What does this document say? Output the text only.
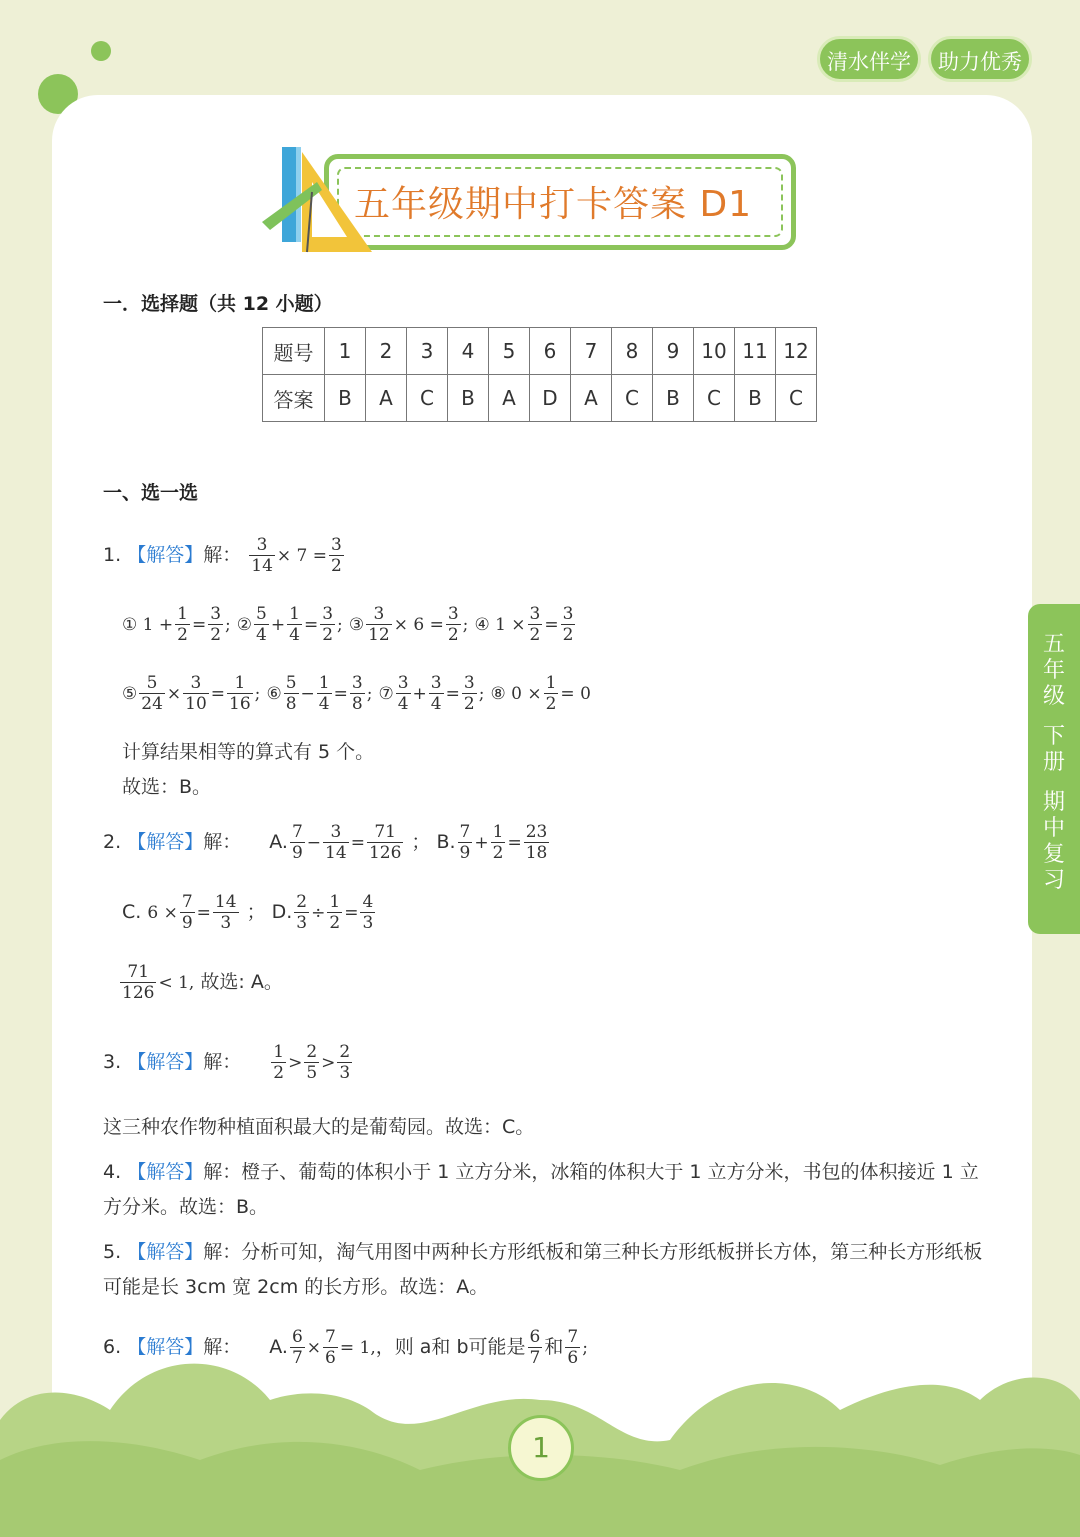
清水伴学	助力优秀
五
年
级
下
册
期
中
复
习
五年级期中打卡答案 D1
一．选择题（共 12 小题）
题号	1	2	3	4	5	6	7	8	9	10	11	12
答案	B	A	C	B	A	D	A	C	B	C	B	C
一、选一选
1. 【解答】解： $\frac{3}{14} \times 7 = \frac{3}{2}$
① $1 + \frac{1}{2} = \frac{3}{2}$ ; ② $\frac{5}{4} + \frac{1}{4} = \frac{3}{2}$ ; ③ $\frac{3}{12} \times 6 = \frac{3}{2}$ ; ④ $1 \times \frac{3}{2} = \frac{3}{2}$
⑤ $\frac{5}{24} \times \frac{3}{10} = \frac{1}{16}$ ; ⑥ $\frac{5}{8} - \frac{1}{4} = \frac{3}{8}$ ; ⑦ $\frac{3}{4} + \frac{3}{4} = \frac{3}{2}$ ; ⑧ $0 \times \frac{1}{2} = 0$
计算结果相等的算式有 5 个。
故选：B。
2. 【解答】解： A. $\frac{7}{9} - \frac{3}{14} = \frac{71}{126}$ ； B. $\frac{7}{9} + \frac{1}{2} = \frac{23}{18}$
C. $6 \times \frac{7}{9} = \frac{14}{3}$ ； D. $\frac{2}{3} \div \frac{1}{2} = \frac{4}{3}$
$\frac{71}{126} < 1$, 故选: A。
3. 【解答】解： $\frac{1}{2} > \frac{2}{5} > \frac{2}{3}$
这三种农作物种植面积最大的是葡萄园。故选：C。
4. 【解答】解：橙子、葡萄的体积小于 1 立方分米，冰箱的体积大于 1 立方分米，书包的体积接近 1 立方分米。故选：B。
5. 【解答】解：分析可知，淘气用图中两种长方形纸板和第三种长方形纸板拼长方体，第三种长方形纸板可能是长 3cm 宽 2cm 的长方形。故选：A。
6. 【解答】解： A. $\frac{6}{7} \times \frac{7}{6} = 1$,，则 a和 b可能是 $\frac{6}{7}$ 和 $\frac{7}{6}$ ;
1
